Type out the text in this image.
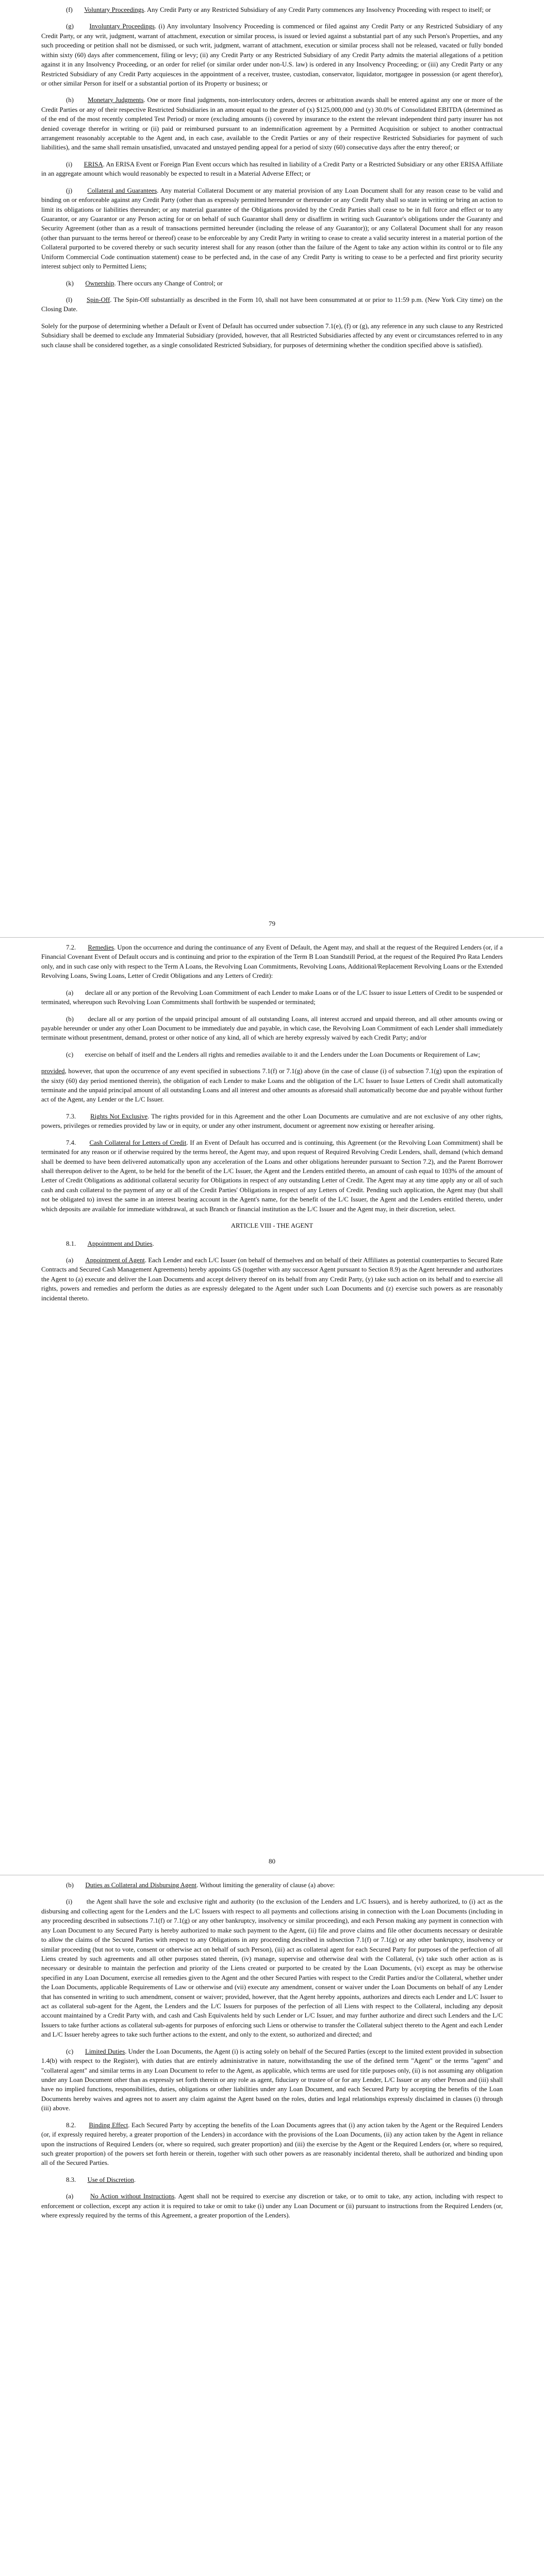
(f) Voluntary Proceedings. Any Credit Party or any Restricted Subsidiary of any Credit Party commences any Insolvency Proceeding with respect to itself; or

(g) Involuntary Proceedings. (i) Any involuntary Insolvency Proceeding is commenced or filed against any Credit Party or any Restricted Subsidiary of any Credit Party, or any writ, judgment, warrant of attachment, execution or similar process, is issued or levied against a substantial part of any such Person's Properties, and any such proceeding or petition shall not be dismissed, or such writ, judgment, warrant of attachment, execution or similar process shall not be released, vacated or fully bonded within sixty (60) days after commencement, filing or levy; (ii) any Credit Party or any Restricted Subsidiary of any Credit Party admits the material allegations of a petition against it in any Insolvency Proceeding, or an order for relief (or similar order under non-U.S. law) is ordered in any Insolvency Proceeding; or (iii) any Credit Party or any Restricted Subsidiary of any Credit Party acquiesces in the appointment of a receiver, trustee, custodian, conservator, liquidator, mortgagee in possession (or agent therefor), or other similar Person for itself or a substantial portion of its Property or business; or

(h) Monetary Judgments. One or more final judgments, non-interlocutory orders, decrees or arbitration awards shall be entered against any one or more of the Credit Parties or any of their respective Restricted Subsidiaries in an amount equal to the greater of (x) $125,000,000 and (y) 30.0% of Consolidated EBITDA (determined as of the end of the most recently completed Test Period) or more (excluding amounts (i) covered by insurance to the extent the relevant independent third party insurer has not denied coverage therefor in writing or (ii) paid or reimbursed pursuant to an indemnification agreement by a Permitted Acquisition or subject to another contractual arrangement reasonably acceptable to the Agent and, in each case, available to the Credit Parties or any of their respective Restricted Subsidiaries for payment of such liabilities), and the same shall remain unsatisfied, unvacated and unstayed pending appeal for a period of sixty (60) consecutive days after the entry thereof; or

(i) ERISA. An ERISA Event or Foreign Plan Event occurs which has resulted in liability of a Credit Party or a Restricted Subsidiary or any other ERISA Affiliate in an aggregate amount which would reasonably be expected to result in a Material Adverse Effect; or

(j) Collateral and Guarantees. Any material Collateral Document or any material provision of any Loan Document shall for any reason cease to be valid and binding on or enforceable against any Credit Party (other than as expressly permitted hereunder or thereunder or any Credit Party shall so state in writing or bring an action to limit its obligations or liabilities thereunder; or any material guarantee of the Obligations provided by the Credit Parties shall cease to be in full force and effect or to any Guarantor, or any Guarantor or any Person acting for or on behalf of such Guarantor shall deny or disaffirm in writing such Guarantor's obligations under the Guaranty and Security Agreement (other than as a result of transactions permitted hereunder (including the release of any Guarantor)); or any Collateral Document shall for any reason (other than pursuant to the terms hereof or thereof) cease to be enforceable by any Credit Party in writing to cease to create a valid security interest in a material portion of the Collateral purported to be covered thereby or such security interest shall for any reason (other than the failure of the Agent to take any action within its control or to file any Uniform Commercial Code continuation statement) cease to be perfected and, in the case of any Credit Party is writing to cease to be a perfected and first priority security interest subject only to Permitted Liens;

(k) Ownership. There occurs any Change of Control; or

(l) Spin-Off. The Spin-Off substantially as described in the Form 10, shall not have been consummated at or prior to 11:59 p.m. (New York City time) on the Closing Date.

Solely for the purpose of determining whether a Default or Event of Default has occurred under subsection 7.1(e), (f) or (g), any reference in any such clause to any Restricted Subsidiary shall be deemed to exclude any Immaterial Subsidiary (provided, however, that all Restricted Subsidiaries affected by any event or circumstances referred to in any such clause shall be considered together, as a single consolidated Restricted Subsidiary, for purposes of determining whether the condition specified above is satisfied).

79

7.2. Remedies. Upon the occurrence and during the continuance of any Event of Default, the Agent may, and shall at the request of the Required Lenders (or, if a Financial Covenant Event of Default occurs and is continuing and prior to the expiration of the Term B Loan Standstill Period, at the request of the Required Pro Rata Lenders only, and in such case only with respect to the Term A Loans, the Revolving Loan Commitments, Revolving Loans, Additional/Replacement Revolving Loans or the Extended Revolving Loans, Swing Loans, Letter of Credit Obligations and any Letters of Credit):

(a) declare all or any portion of the Revolving Loan Commitment of each Lender to make Loans or of the L/C Issuer to issue Letters of Credit to be suspended or terminated, whereupon such Revolving Loan Commitments shall forthwith be suspended or terminated;

(b) declare all or any portion of the unpaid principal amount of all outstanding Loans, all interest accrued and unpaid thereon, and all other amounts owing or payable hereunder or under any other Loan Document to be immediately due and payable, in which case, the Revolving Loan Commitment of each Lender shall immediately terminate without presentment, demand, protest or other notice of any kind, all of which are hereby expressly waived by each Credit Party; and/or

(c) exercise on behalf of itself and the Lenders all rights and remedies available to it and the Lenders under the Loan Documents or Requirement of Law;

provided, however, that upon the occurrence of any event specified in subsections 7.1(f) or 7.1(g) above (in the case of clause (i) of subsection 7.1(g) upon the expiration of the sixty (60) day period mentioned therein), the obligation of each Lender to make Loans and the obligation of the L/C Issuer to Issue Letters of Credit shall automatically terminate and the unpaid principal amount of all outstanding Loans and all interest and other amounts as aforesaid shall automatically become due and payable without further act of the Agent, any Lender or the L/C Issuer.

7.3. Rights Not Exclusive. The rights provided for in this Agreement and the other Loan Documents are cumulative and are not exclusive of any other rights, powers, privileges or remedies provided by law or in equity, or under any other instrument, document or agreement now existing or hereafter arising.

7.4. Cash Collateral for Letters of Credit. If an Event of Default has occurred and is continuing, this Agreement (or the Revolving Loan Commitment) shall be terminated for any reason or if otherwise required by the terms hereof, the Agent may, and upon request of Required Revolving Credit Lenders, shall, demand (which demand shall be deemed to have been delivered automatically upon any acceleration of the Loans and other obligations hereunder pursuant to Section 7.2), and the Parent Borrower shall thereupon deliver to the Agent, to be held for the benefit of the L/C Issuer, the Agent and the Lenders entitled thereto, an amount of cash equal to 103% of the amount of Letter of Credit Obligations as additional collateral security for Obligations in respect of any outstanding Letter of Credit. The Agent may at any time apply any or all of such cash and cash collateral to the payment of any or all of the Credit Parties' Obligations in respect of any Letters of Credit. Pending such application, the Agent may (but shall not be obligated to) invest the same in an interest bearing account in the Agent's name, for the benefit of the L/C Issuer, the Agent and the Lenders entitled thereto, under which deposits are available for immediate withdrawal, at such Branch or financial institution as the L/C Issuer and the Agent may, in their discretion, select.

ARTICLE VIII - THE AGENT

8.1. Appointment and Duties.

(a) Appointment of Agent. Each Lender and each L/C Issuer (on behalf of themselves and on behalf of their Affiliates as potential counterparties to Secured Rate Contracts and Secured Cash Management Agreements) hereby appoints GS (together with any successor Agent pursuant to Section 8.9) as the Agent hereunder and authorizes the Agent to (a) execute and deliver the Loan Documents and accept delivery thereof on its behalf from any Credit Party, (y) take such action on its behalf and to exercise all rights, powers and remedies and perform the duties as are expressly delegated to the Agent under such Loan Documents and (z) exercise such powers as are reasonably incidental thereto.

80

(b) Duties as Collateral and Disbursing Agent. Without limiting the generality of clause (a) above:

(i) the Agent shall have the sole and exclusive right and authority (to the exclusion of the Lenders and L/C Issuers), and is hereby authorized, to (i) act as the disbursing and collecting agent for the Lenders and the L/C Issuers with respect to all payments and collections arising in connection with the Loan Documents (including in any proceeding described in subsections 7.1(f) or 7.1(g) or any other bankruptcy, insolvency or similar proceeding), and each Person making any payment in connection with any Loan Document to any Secured Party is hereby authorized to make such payment to the Agent, (ii) file and prove claims and file other documents necessary or desirable to allow the claims of the Secured Parties with respect to any Obligations in any proceeding described in subsection 7.1(f) or 7.1(g) or any other bankruptcy, insolvency or similar proceeding (but not to vote, consent or otherwise act on behalf of such Person), (iii) act as collateral agent for each Secured Party for purposes of the perfection of all Liens created by such agreements and all other purposes stated therein, (iv) manage, supervise and otherwise deal with the Collateral, (v) take such other action as is necessary or desirable to maintain the perfection and priority of the Liens created or purported to be created by the Loan Documents, (vi) except as may be otherwise specified in any Loan Document, exercise all remedies given to the Agent and the other Secured Parties with respect to the Credit Parties and/or the Collateral, whether under the Loan Documents, applicable Requirements of Law or otherwise and (vii) execute any amendment, consent or waiver under the Loan Documents on behalf of any Lender that has consented in writing to such amendment, consent or waiver; provided, however, that the Agent hereby appoints, authorizes and directs each Lender and L/C Issuer to act as collateral sub-agent for the Agent, the Lenders and the L/C Issuers for purposes of the perfection of all Liens with respect to the Collateral, including any deposit account maintained by a Credit Party with, and cash and Cash Equivalents held by such Lender or L/C Issuer, and may further authorize and direct such Lenders and the L/C Issuers to take further actions as collateral sub-agents for purposes of enforcing such Liens or otherwise to transfer the Collateral subject thereto to the Agent and each Lender and L/C Issuer hereby agrees to take such further actions to the extent, and only to the extent, so authorized and directed; and

(c) Limited Duties. Under the Loan Documents, the Agent (i) is acting solely on behalf of the Secured Parties (except to the limited extent provided in subsection 1.4(b) with respect to the Register), with duties that are entirely administrative in nature, notwithstanding the use of the defined term "Agent" or the terms "agent" and "collateral agent" and similar terms in any Loan Document to refer to the Agent, as applicable, which terms are used for title purposes only, (ii) is not assuming any obligation under any Loan Document other than as expressly set forth therein or any role as agent, fiduciary or trustee of or for any Lender, L/C Issuer or any other Person and (iii) shall have no implied functions, responsibilities, duties, obligations or other liabilities under any Loan Document, and each Secured Party by accepting the benefits of the Loan Documents hereby waives and agrees not to assert any claim against the Agent based on the roles, duties and legal relationships expressly disclaimed in clauses (i) through (iii) above.

8.2. Binding Effect. Each Secured Party by accepting the benefits of the Loan Documents agrees that (i) any action taken by the Agent or the Required Lenders (or, if expressly required hereby, a greater proportion of the Lenders) in accordance with the provisions of the Loan Documents, (ii) any action taken by the Agent in reliance upon the instructions of Required Lenders (or, where so required, such greater proportion) and (iii) the exercise by the Agent or the Required Lenders (or, where so required, such greater proportion) of the powers set forth herein or therein, together with such other powers as are reasonably incidental thereto, shall be authorized and binding upon all of the Secured Parties.

8.3. Use of Discretion.

(a)	No Action without Instructions. Agent shall not be required to exercise any discretion or take, or to omit to take, any action, including with respect to enforcement or collection, except any action it is required to take or omit to take (i) under any Loan Document or (ii) pursuant to instructions from the Required Lenders (or, where expressly required by the terms of this Agreement, a greater proportion of the Lenders).
